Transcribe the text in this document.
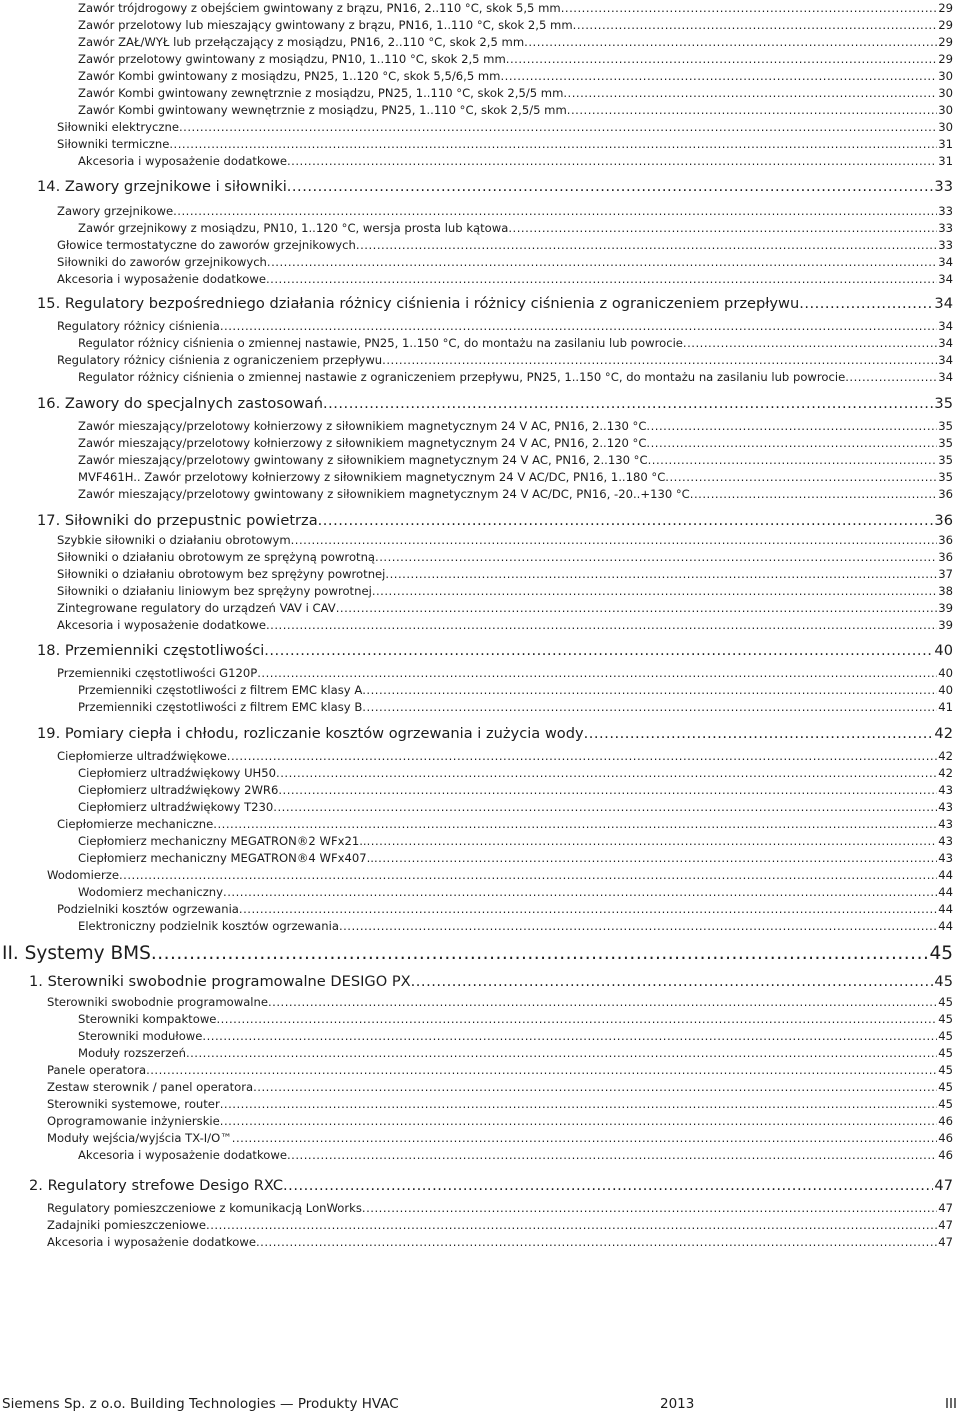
Zawór trójdrogowy z obejściem gwintowany z brązu, PN16, 2..110 °C, skok 5,5 mm .....	29
Zawór przelotowy lub mieszający gwintowany z brązu, PN16, 1..110 °C, skok 2,5 mm .....	29
Zawór ZAŁ/WYŁ lub przełączający z mosiądzu, PN16, 2..110 °C, skok 2,5 mm .....	29
Zawór przelotowy gwintowany z mosiądzu, PN10, 1..110 °C, skok 2,5 mm .....	29
Zawór Kombi gwintowany z mosiądzu, PN25, 1..120 °C, skok 5,5/6,5 mm .....	30
Zawór Kombi gwintowany zewnętrznie z mosiądzu, PN25, 1..110 °C, skok 2,5/5 mm .....	30
Zawór Kombi gwintowany wewnętrznie z mosiądzu, PN25, 1..110 °C, skok 2,5/5 mm .....	30
Siłowniki elektryczne .....	30
Siłowniki termiczne .....	31
Akcesoria i wyposażenie dodatkowe .....	31
14. Zawory grzejnikowe i siłowniki .....	33
Zawory grzejnikowe .....	33
Zawór grzejnikowy z mosiądzu, PN10, 1..120 °C, wersja prosta lub kątowa .....	33
Głowice termostatyczne do zaworów grzejnikowych .....	33
Siłowniki do zaworów grzejnikowych .....	34
Akcesoria i wyposażenie dodatkowe .....	34
15. Regulatory bezpośredniego działania różnicy ciśnienia i różnicy ciśnienia z ograniczeniem przepływu .....	34
Regulatory różnicy ciśnienia .....	34
Regulator różnicy ciśnienia o zmiennej nastawie, PN25, 1..150 °C, do montażu na zasilaniu lub powrocie .....	34
Regulatory różnicy ciśnienia z ograniczeniem przepływu .....	34
Regulator różnicy ciśnienia o zmiennej nastawie z ograniczeniem przepływu, PN25, 1..150 °C, do montażu na zasilaniu lub powrocie .....	34
16. Zawory do specjalnych zastosowań .....	35
Zawór mieszający/przelotowy kołnierzowy z siłownikiem magnetycznym 24 V AC, PN16, 2..130 °C .....	35
Zawór mieszający/przelotowy kołnierzowy z siłownikiem magnetycznym 24 V AC, PN16, 2..120 °C .....	35
Zawór mieszający/przelotowy gwintowany z siłownikiem magnetycznym 24 V AC, PN16, 2..130 °C .....	35
MVF461H.. Zawór przelotowy kołnierzowy z siłownikiem magnetycznym 24 V AC/DC, PN16, 1..180 °C .....	35
Zawór mieszający/przelotowy gwintowany z siłownikiem magnetycznym 24 V AC/DC, PN16, -20..+130 °C .....	36
17. Siłowniki do przepustnic powietrza .....	36
Szybkie siłowniki o działaniu obrotowym .....	36
Siłowniki o działaniu obrotowym ze sprężyną powrotną .....	36
Siłowniki o działaniu obrotowym bez sprężyny powrotnej .....	37
Siłowniki o działaniu liniowym bez sprężyny powrotnej .....	38
Zintegrowane regulatory do urządzeń VAV i CAV .....	39
Akcesoria i wyposażenie dodatkowe .....	39
18. Przemienniki częstotliwości .....	40
Przemienniki częstotliwości G120P .....	40
Przemienniki częstotliwości z filtrem EMC klasy A .....	40
Przemienniki częstotliwości z filtrem EMC klasy B .....	41
19. Pomiary ciepła i chłodu, rozliczanie kosztów ogrzewania i zużycia wody .....	42
Ciepłomierze ultradźwiękowe .....	42
Ciepłomierz ultradźwiękowy UH50 .....	42
Ciepłomierz ultradźwiękowy 2WR6 .....	43
Ciepłomierz ultradźwiękowy T230 .....	43
Ciepłomierze mechaniczne .....	43
Ciepłomierz mechaniczny MEGATRON®2 WFx21.. .....	43
Ciepłomierz mechaniczny MEGATRON®4 WFx407.. .....	43
Wodomierze .....	44
Wodomierz mechaniczny .....	44
Podzielniki kosztów ogrzewania .....	44
Elektroniczny podzielnik kosztów ogrzewania .....	44
II. Systemy BMS .....	45
1. Sterowniki swobodnie programowalne DESIGO PX .....	45
Sterowniki swobodnie programowalne .....	45
Sterowniki kompaktowe .....	45
Sterowniki modułowe .....	45
Moduły rozszerzeń .....	45
Panele operatora .....	45
Zestaw sterownik / panel operatora .....	45
Sterowniki systemowe, router .....	45
Oprogramowanie inżynierskie .....	46
Moduły wejścia/wyjścia TX-I/O™ .....	46
Akcesoria i wyposażenie dodatkowe .....	46
2. Regulatory strefowe Desigo RXC .....	47
Regulatory pomieszczeniowe z komunikacją LonWorks .....	47
Zadajniki pomieszczeniowe .....	47
Akcesoria i wyposażenie dodatkowe .....	47
Siemens Sp. z o.o. Building Technologies — Produkty HVAC	2013	III
